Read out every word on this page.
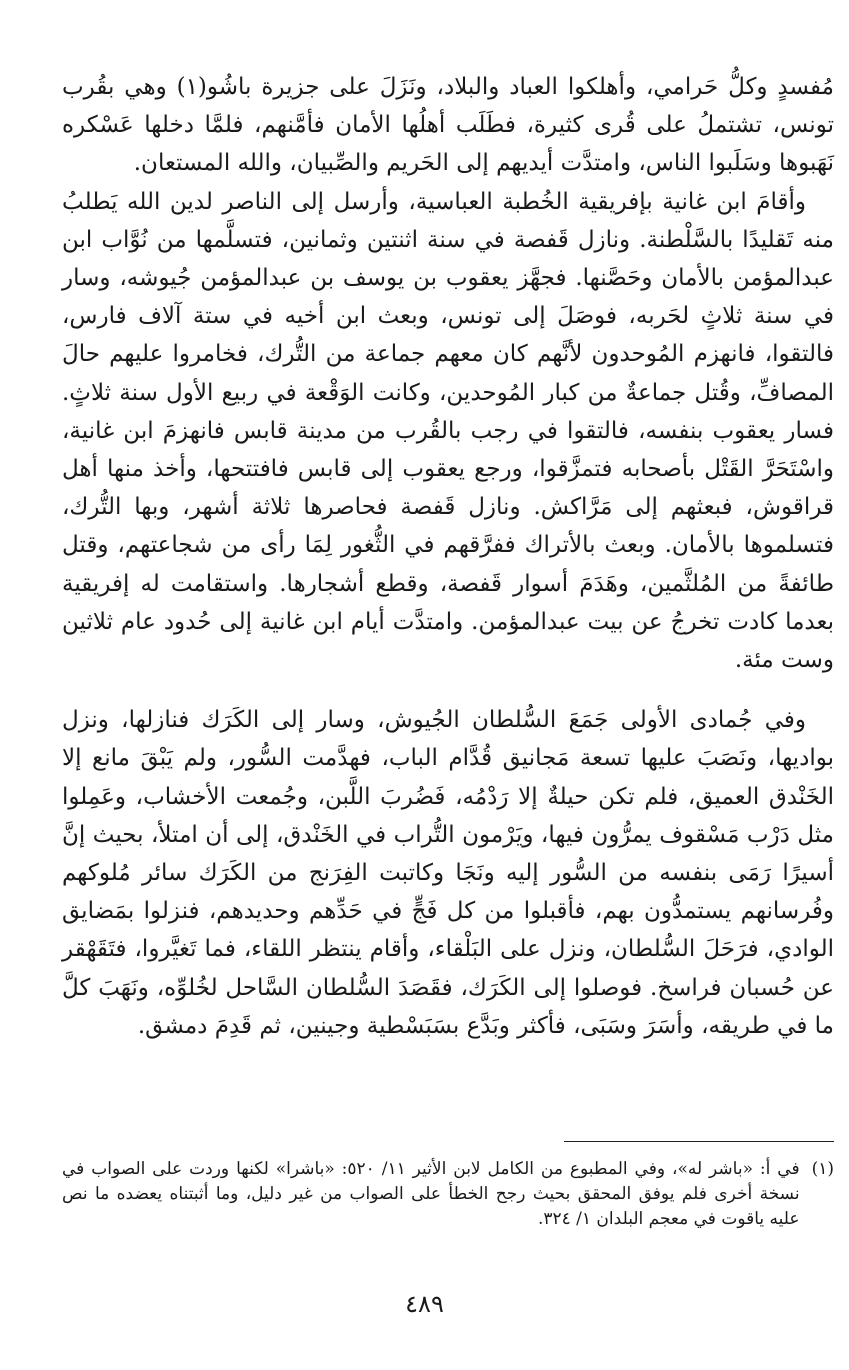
مُفسدٍ وكلُّ حَرامي، وأهلكوا العباد والبلاد، ونَزَلَ على جزيرة باشُو(١) وهي بقُرب تونس، تشتملُ على قُرى كثيرة، فطَلَب أهلُها الأمان فأمَّنهم، فلمَّا دخلها عَسْكره نَهَبوها وسَلَبوا الناس، وامتدَّت أيديهم إلى الحَريم والصِّبيان، والله المستعان.

وأقامَ ابن غانية بإفريقية الخُطبة العباسية، وأرسل إلى الناصر لدين الله يَطلبُ منه تَقليدًا بالسَّلْطنة. ونازل قَفصة في سنة اثنتين وثمانين، فتسلَّمها من نُوَّاب ابن عبدالمؤمن بالأمان وحَصَّنها. فجهَّز يعقوب بن يوسف بن عبدالمؤمن جُيوشه، وسار في سنة ثلاثٍ لحَربه، فوصَلَ إلى تونس، وبعث ابن أخيه في ستة آلاف فارس، فالتقوا، فانهزم المُوحدون لأنَّهم كان معهم جماعة من التُّرك، فخامروا عليهم حالَ المصافِّ، وقُتل جماعةٌ من كبار المُوحدين، وكانت الوَقْعة في ربيع الأول سنة ثلاثٍ. فسار يعقوب بنفسه، فالتقوا في رجب بالقُرب من مدينة قابس فانهزمَ ابن غانية، واسْتَحَرَّ القَتْل بأصحابه فتمزَّقوا، ورجع يعقوب إلى قابس فافتتحها، وأخذ منها أهل قراقوش، فبعثهم إلى مَرَّاكش. ونازل قَفصة فحاصرها ثلاثة أشهر، وبها التُّرك، فتسلموها بالأمان. وبعث بالأتراك ففرَّقهم في الثُّغور لِمَا رأى من شجاعتهم، وقتل طائفةً من المُلثَّمين، وهَدَمَ أسوار قَفصة، وقطع أشجارها. واستقامت له إفريقية بعدما كادت تخرجُ عن بيت عبدالمؤمن. وامتدَّت أيام ابن غانية إلى حُدود عام ثلاثين وست مئة.

وفي جُمادى الأولى جَمَعَ السُّلطان الجُيوش، وسار إلى الكَرَك فنازلها، ونزل بواديها، ونَصَبَ عليها تسعة مَجانيق قُدَّام الباب، فهدَّمت السُّور، ولم يَبْقَ مانع إلا الخَنْدق العميق، فلم تكن حيلةٌ إلا رَدْمُه، فَضُربَ اللَّبن، وجُمعت الأخشاب، وعَمِلوا مثل دَرْب مَسْقوف يمرُّون فيها، ويَرْمون التُّراب في الخَنْدق، إلى أن امتلأ، بحيث إنَّ أسيرًا رَمَى بنفسه من السُّور إليه ونَجَا وكاتبت الفِرَنج من الكَرَك سائر مُلوكهم وفُرسانهم يستمدُّون بهم، فأقبلوا من كل فَجٍّ في حَدِّهم وحديدهم، فنزلوا بمَضايق الوادي، فرَحَلَ السُّلطان، ونزل على البَلْقاء، وأقام ينتظر اللقاء، فما تَغيَّروا، فتَقَهْقر عن حُسبان فراسخ. فوصلوا إلى الكَرَك، فقَصَدَ السُّلطان السَّاحل لخُلوِّه، ونَهَبَ كلَّ ما في طريقه، وأسَرَ وسَبَى، فأكثر وبَدَّع بسَبَسْطية وجينين، ثم قَدِمَ دمشق.

(١)
في أ: «باشر له»، وفي المطبوع من الكامل لابن الأثير ١١/ ٥٢٠: «باشرا» لكنها وردت على الصواب في نسخة أخرى فلم يوفق المحقق بحيث رجح الخطأ على الصواب من غير دليل، وما أثبتناه يعضده ما نص عليه ياقوت في معجم البلدان ١/ ٣٢٤.
٤٨٩
